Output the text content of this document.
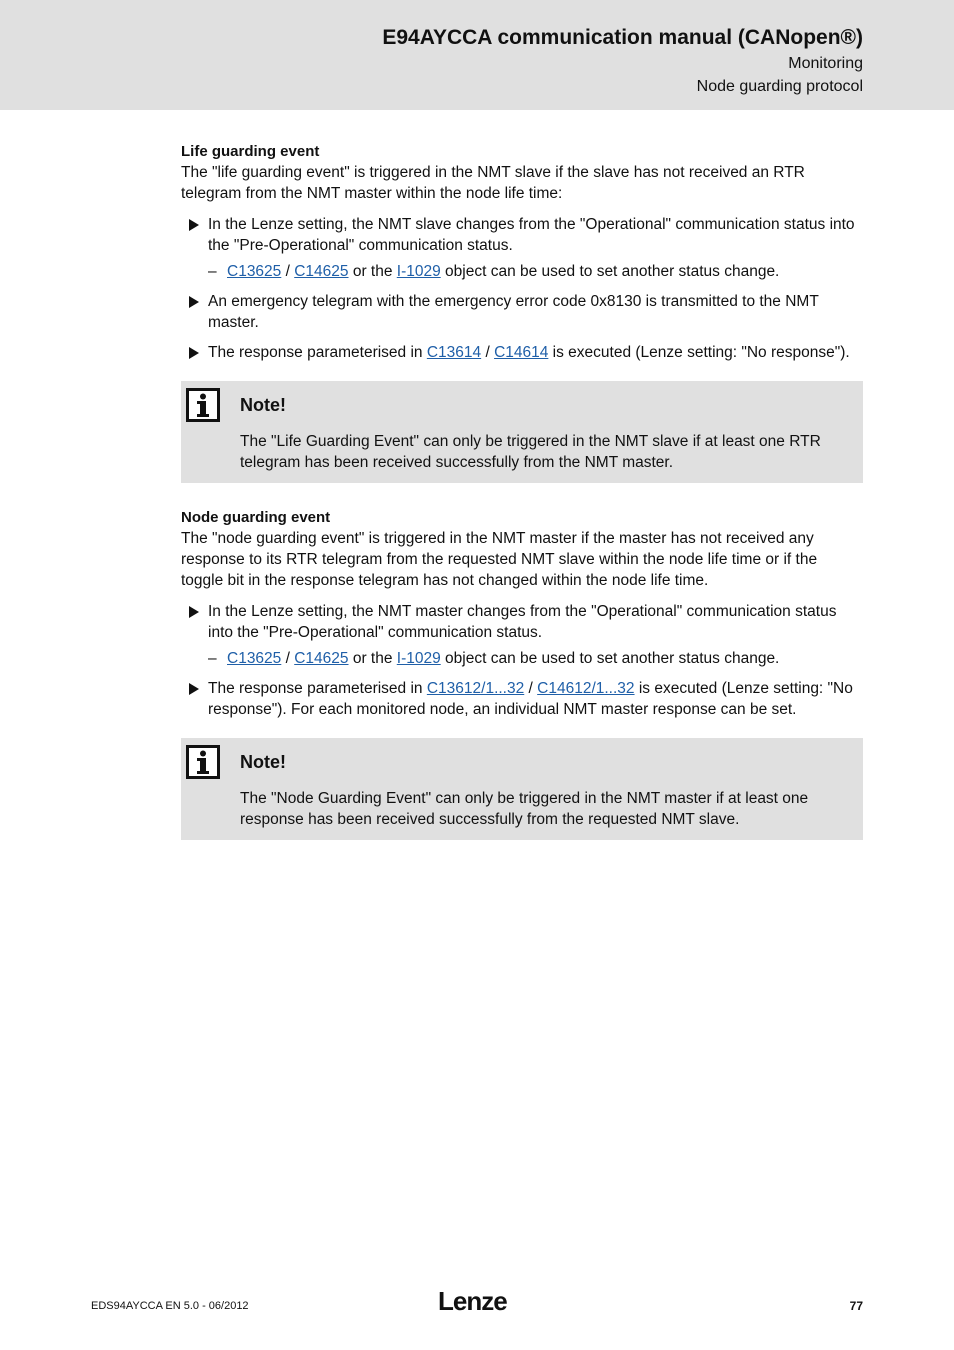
E94AYCCA communication manual (CANopen®)
Monitoring
Node guarding protocol

Life guarding event

The "life guarding event" is triggered in the NMT slave if the slave has not received an RTR telegram from the NMT master within the node life time:

In the Lenze setting, the NMT slave changes from the "Operational" communication status into the "Pre-Operational" communication status.
– C13625 / C14625 or the I-1029 object can be used to set another status change.
An emergency telegram with the emergency error code 0x8130 is transmitted to the NMT master.
The response parameterised in C13614 / C14614 is executed (Lenze setting: "No response").
Note!

The "Life Guarding Event" can only be triggered in the NMT slave if at least one RTR telegram has been received successfully from the NMT master.

Node guarding event

The "node guarding event" is triggered in the NMT master if the master has not received any response to its RTR telegram from the requested NMT slave within the node life time or if the toggle bit in the response telegram has not changed within the node life time.

In the Lenze setting, the NMT master changes from the "Operational" communication status into the "Pre-Operational" communication status.
– C13625 / C14625 or the I-1029 object can be used to set another status change.
The response parameterised in C13612/1...32 / C14612/1...32 is executed (Lenze setting: "No response"). For each monitored node, an individual NMT master response can be set.
Note!

The "Node Guarding Event" can only be triggered in the NMT master if at least one response has been received successfully from the requested NMT slave.

EDS94AYCCA EN 5.0 - 06/2012	Lenze	77
